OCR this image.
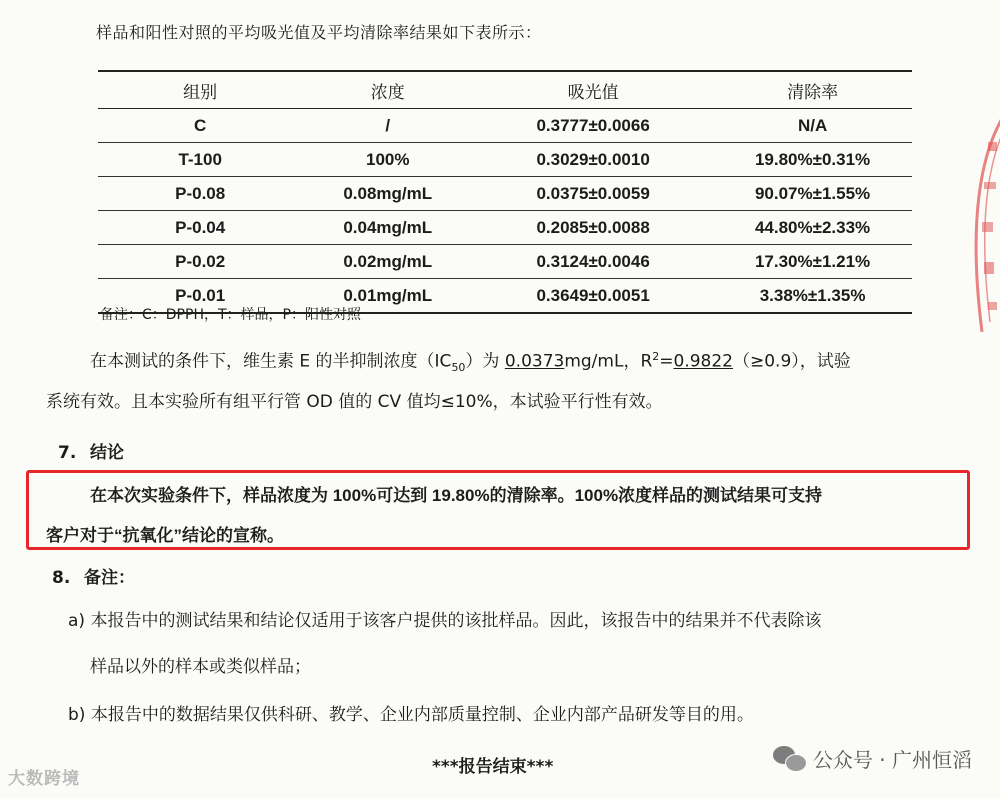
样品和阳性对照的平均吸光值及平均清除率结果如下表所示：
组别	浓度	吸光值	清除率
C	/	0.3777±0.0066	N/A
T-100	100%	0.3029±0.0010	19.80%±0.31%
P-0.08	0.08mg/mL	0.0375±0.0059	90.07%±1.55%
P-0.04	0.04mg/mL	0.2085±0.0088	44.80%±2.33%
P-0.02	0.02mg/mL	0.3124±0.0046	17.30%±1.21%
P-0.01	0.01mg/mL	0.3649±0.0051	3.38%±1.35%
备注：C：DPPH，T：样品，P：阳性对照
在本测试的条件下，维生素 E 的半抑制浓度$(IC_{50})$为 0.0373mg/mL，$R^2=0.9822(\ge 0.9)$，试验
系统有效。且本实验所有组平行管 OD 值的 CV 值均≤10%，本试验平行性有效。
7. 结论
在本次实验条件下，样品浓度为 100%可达到 19.80%的清除率。100%浓度样品的测试结果可支持
客户对于“抗氧化”结论的宣称。
8. 备注：
a) 本报告中的测试结果和结论仅适用于该客户提供的该批样品。因此，该报告中的结果并不代表除该
样品以外的样本或类似样品；
b) 本报告中的数据结果仅供科研、教学、企业内部质量控制、企业内部产品研发等目的用。
***报告结束***	公众号 · 广州恒滔
大数跨境
